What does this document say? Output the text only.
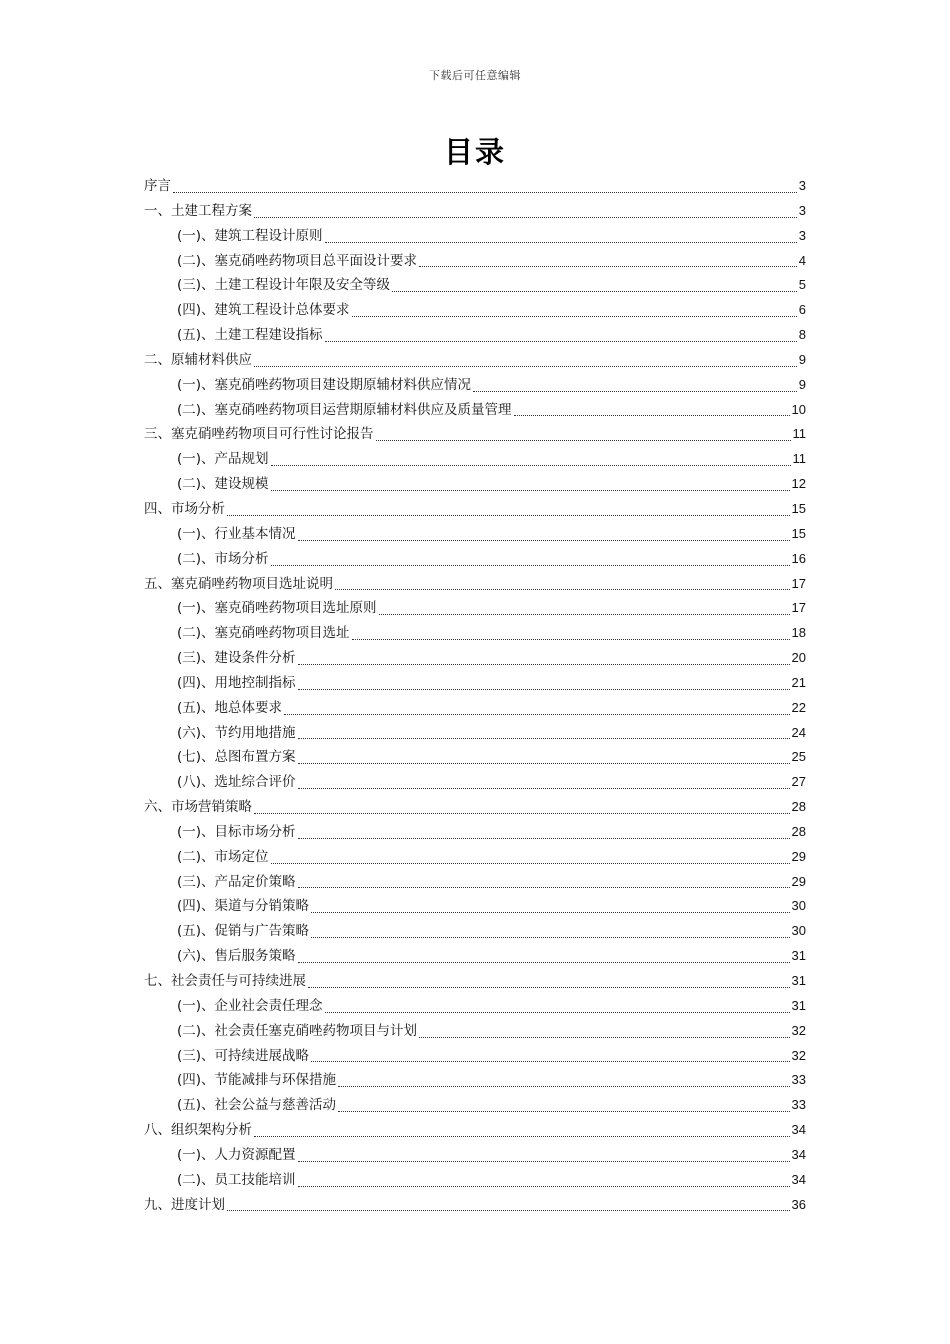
下载后可任意编辑
目录
序言	3
一、土建工程方案	3
(一)、建筑工程设计原则	3
(二)、塞克硝唑药物项目总平面设计要求	4
(三)、土建工程设计年限及安全等级	5
(四)、建筑工程设计总体要求	6
(五)、土建工程建设指标	8
二、原辅材料供应	9
(一)、塞克硝唑药物项目建设期原辅材料供应情况	9
(二)、塞克硝唑药物项目运营期原辅材料供应及质量管理	10
三、塞克硝唑药物项目可行性讨论报告	11
(一)、产品规划	11
(二)、建设规模	12
四、市场分析	15
(一)、行业基本情况	15
(二)、市场分析	16
五、塞克硝唑药物项目选址说明	17
(一)、塞克硝唑药物项目选址原则	17
(二)、塞克硝唑药物项目选址	18
(三)、建设条件分析	20
(四)、用地控制指标	21
(五)、地总体要求	22
(六)、节约用地措施	24
(七)、总图布置方案	25
(八)、选址综合评价	27
六、市场营销策略	28
(一)、目标市场分析	28
(二)、市场定位	29
(三)、产品定价策略	29
(四)、渠道与分销策略	30
(五)、促销与广告策略	30
(六)、售后服务策略	31
七、社会责任与可持续进展	31
(一)、企业社会责任理念	31
(二)、社会责任塞克硝唑药物项目与计划	32
(三)、可持续进展战略	32
(四)、节能减排与环保措施	33
(五)、社会公益与慈善活动	33
八、组织架构分析	34
(一)、人力资源配置	34
(二)、员工技能培训	34
九、进度计划	36
